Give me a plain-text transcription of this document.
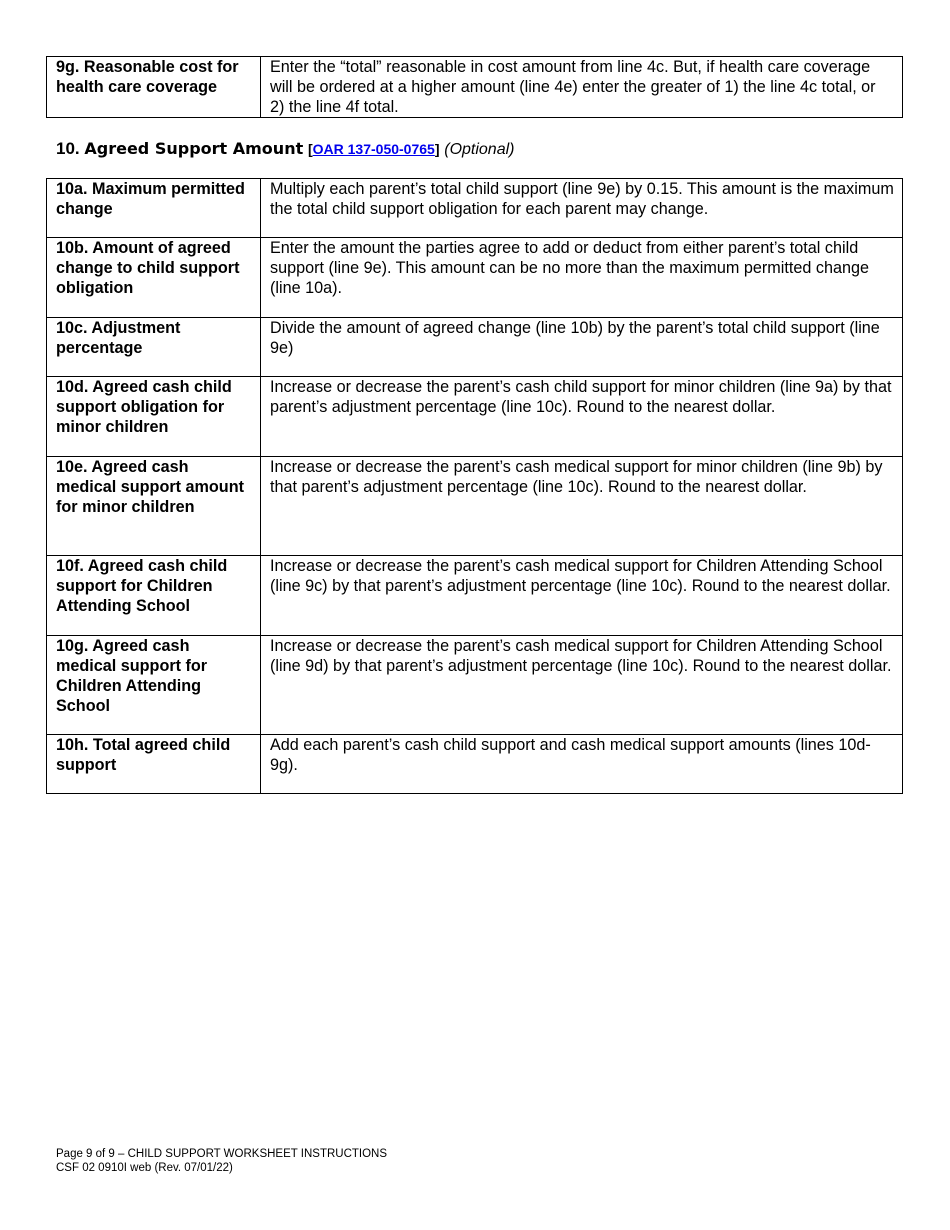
9g. Reasonable cost for health care coverage	Enter the “total” reasonable in cost amount from line 4c. But, if health care coverage will be ordered at a higher amount (line 4e) enter the greater of 1) the line 4c total, or 2) the line 4f total.
10. Agreed Support Amount [OAR 137-050-0765] (Optional)
10a. Maximum permitted change	Multiply each parent’s total child support (line 9e) by 0.15. This amount is the maximum the total child support obligation for each parent may change.
10b. Amount of agreed change to child support obligation	Enter the amount the parties agree to add or deduct from either parent’s total child support (line 9e). This amount can be no more than the maximum permitted change (line 10a).
10c. Adjustment percentage	Divide the amount of agreed change (line 10b) by the parent’s total child support (line 9e)
10d. Agreed cash child support obligation for minor children	Increase or decrease the parent’s cash child support for minor children (line 9a) by that parent’s adjustment percentage (line 10c). Round to the nearest dollar.
10e. Agreed cash medical support amount for minor children	Increase or decrease the parent’s cash medical support for minor children (line 9b) by that parent’s adjustment percentage (line 10c). Round to the nearest dollar.
10f. Agreed cash child support for Children Attending School	Increase or decrease the parent’s cash medical support for Children Attending School (line 9c) by that parent’s adjustment percentage (line 10c). Round to the nearest dollar.
10g. Agreed cash medical support for Children Attending School	Increase or decrease the parent’s cash medical support for Children Attending School (line 9d) by that parent’s adjustment percentage (line 10c). Round to the nearest dollar.
10h. Total agreed child support	Add each parent’s cash child support and cash medical support amounts (lines 10d-9g).
Page 9 of 9 – CHILD SUPPORT WORKSHEET INSTRUCTIONS
CSF 02 0910I web (Rev. 07/01/22)
